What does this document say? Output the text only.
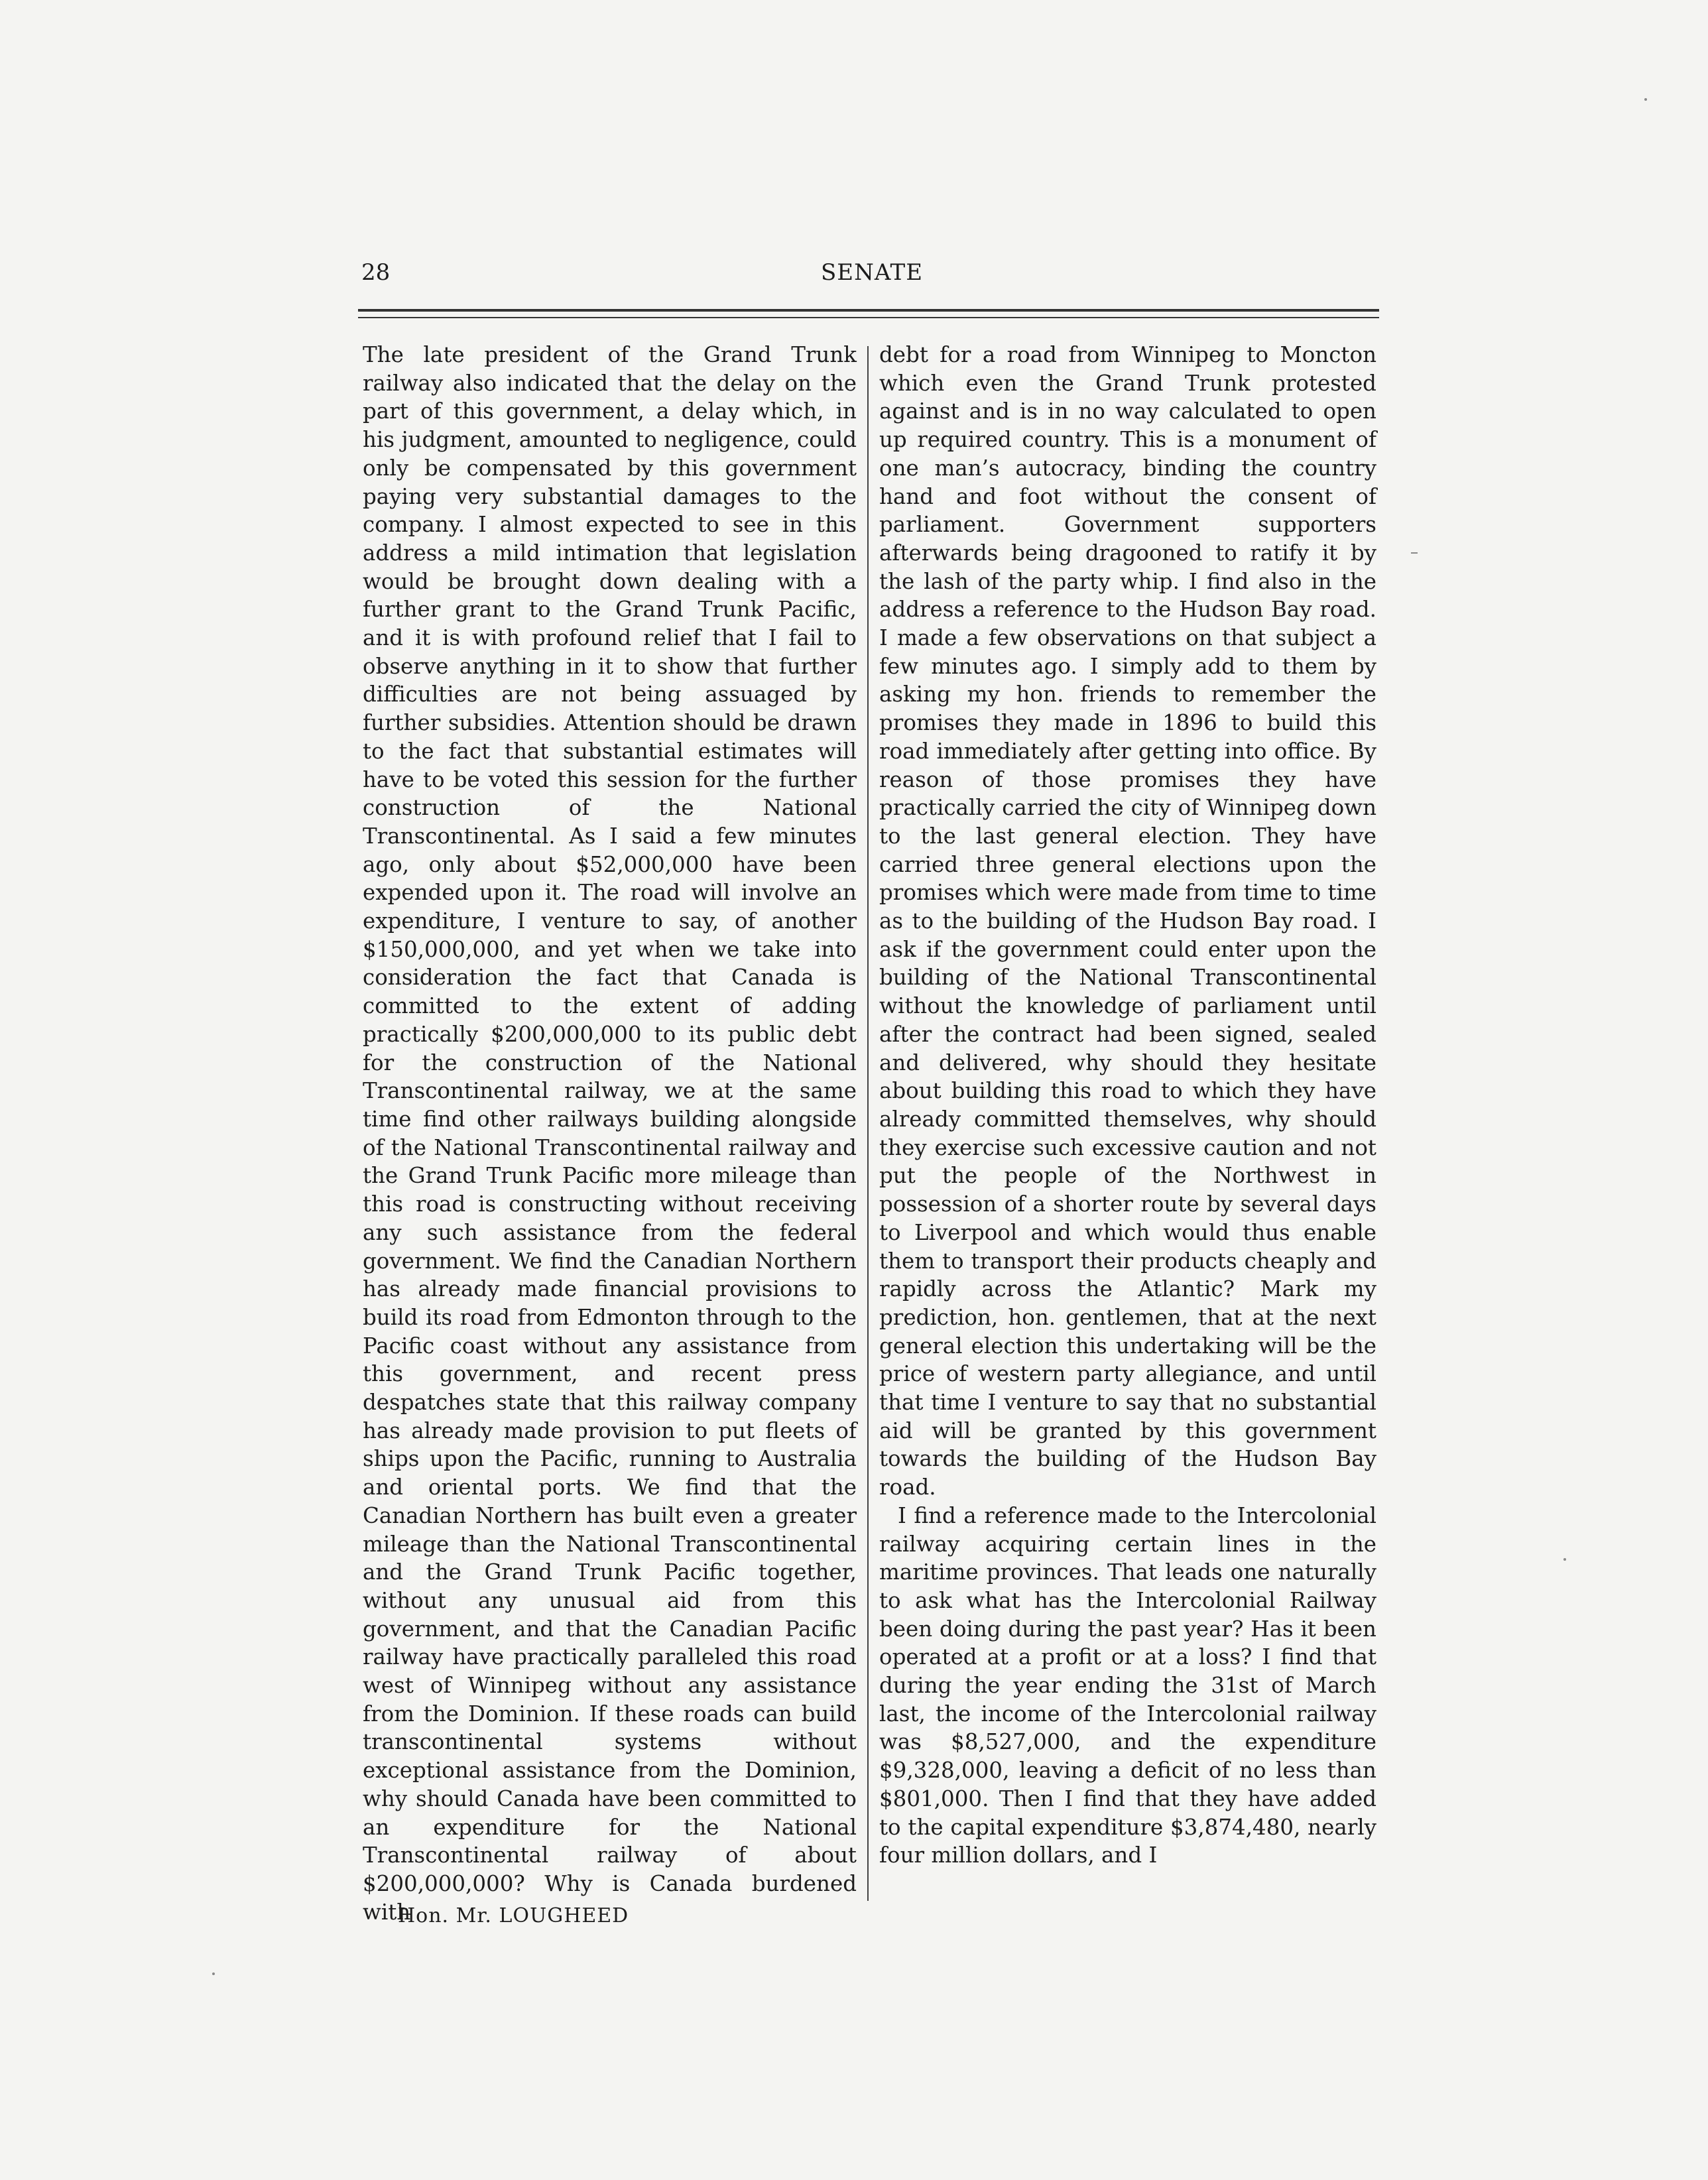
28	SENATE

The late president of the Grand Trunk railway also indicated that the delay on the part of this government, a delay which, in his judgment, amounted to negligence, could only be compensated by this government paying very substantial damages to the company. I almost expected to see in this address a mild intimation that legislation would be brought down dealing with a further grant to the Grand Trunk Pacific, and it is with profound relief that I fail to observe anything in it to show that further difficulties are not being assuaged by further subsidies. Attention should be drawn to the fact that substantial estimates will have to be voted this session for the further construction of the National Transcontinental. As I said a few minutes ago, only about $52,000,000 have been expended upon it. The road will involve an expenditure, I venture to say, of another $150,000,000, and yet when we take into consideration the fact that Canada is committed to the extent of adding practically $200,000,000 to its public debt for the construction of the National Transcontinental railway, we at the same time find other railways building alongside of the National Transcontinental railway and the Grand Trunk Pacific more mileage than this road is constructing without receiving any such assistance from the federal government. We find the Canadian Northern has already made financial provisions to build its road from Edmonton through to the Pacific coast without any assistance from this government, and recent press despatches state that this railway company has already made provision to put fleets of ships upon the Pacific, running to Australia and oriental ports. We find that the Canadian Northern has built even a greater mileage than the National Transcontinental and the Grand Trunk Pacific together, without any unusual aid from this government, and that the Canadian Pacific railway have practically paralleled this road west of Winnipeg without any assistance from the Dominion. If these roads can build transcontinental systems without exceptional assistance from the Dominion, why should Canada have been committed to an expenditure for the National Transcontinental railway of about $200,000,000? Why is Canada burdened with

debt for a road from Winnipeg to Moncton which even the Grand Trunk protested against and is in no way calculated to open up required country. This is a monument of one man’s autocracy, binding the country hand and foot without the consent of parliament. Government supporters afterwards being dragooned to ratify it by the lash of the party whip. I find also in the address a reference to the Hudson Bay road. I made a few observations on that subject a few minutes ago. I simply add to them by asking my hon. friends to remember the promises they made in 1896 to build this road immediately after getting into office. By reason of those promises they have practically carried the city of Winnipeg down to the last general election. They have carried three general elections upon the promises which were made from time to time as to the building of the Hudson Bay road. I ask if the government could enter upon the building of the National Transcontinental without the knowledge of parliament until after the contract had been signed, sealed and delivered, why should they hesitate about building this road to which they have already committed themselves, why should they exercise such excessive caution and not put the people of the Northwest in possession of a shorter route by several days to Liverpool and which would thus enable them to transport their products cheaply and rapidly across the Atlantic? Mark my prediction, hon. gentlemen, that at the next general election this undertaking will be the price of western party allegiance, and until that time I venture to say that no substantial aid will be granted by this government towards the building of the Hudson Bay road.

I find a reference made to the Intercolonial railway acquiring certain lines in the maritime provinces. That leads one naturally to ask what has the Intercolonial Railway been doing during the past year? Has it been operated at a profit or at a loss? I find that during the year ending the 31st of March last, the income of the Intercolonial railway was $8,527,000, and the expenditure $9,328,000, leaving a deficit of no less than $801,000. Then I find that they have added to the capital expenditure $3,874,480, nearly four million dollars, and I

Hon. Mr. LOUGHEED
